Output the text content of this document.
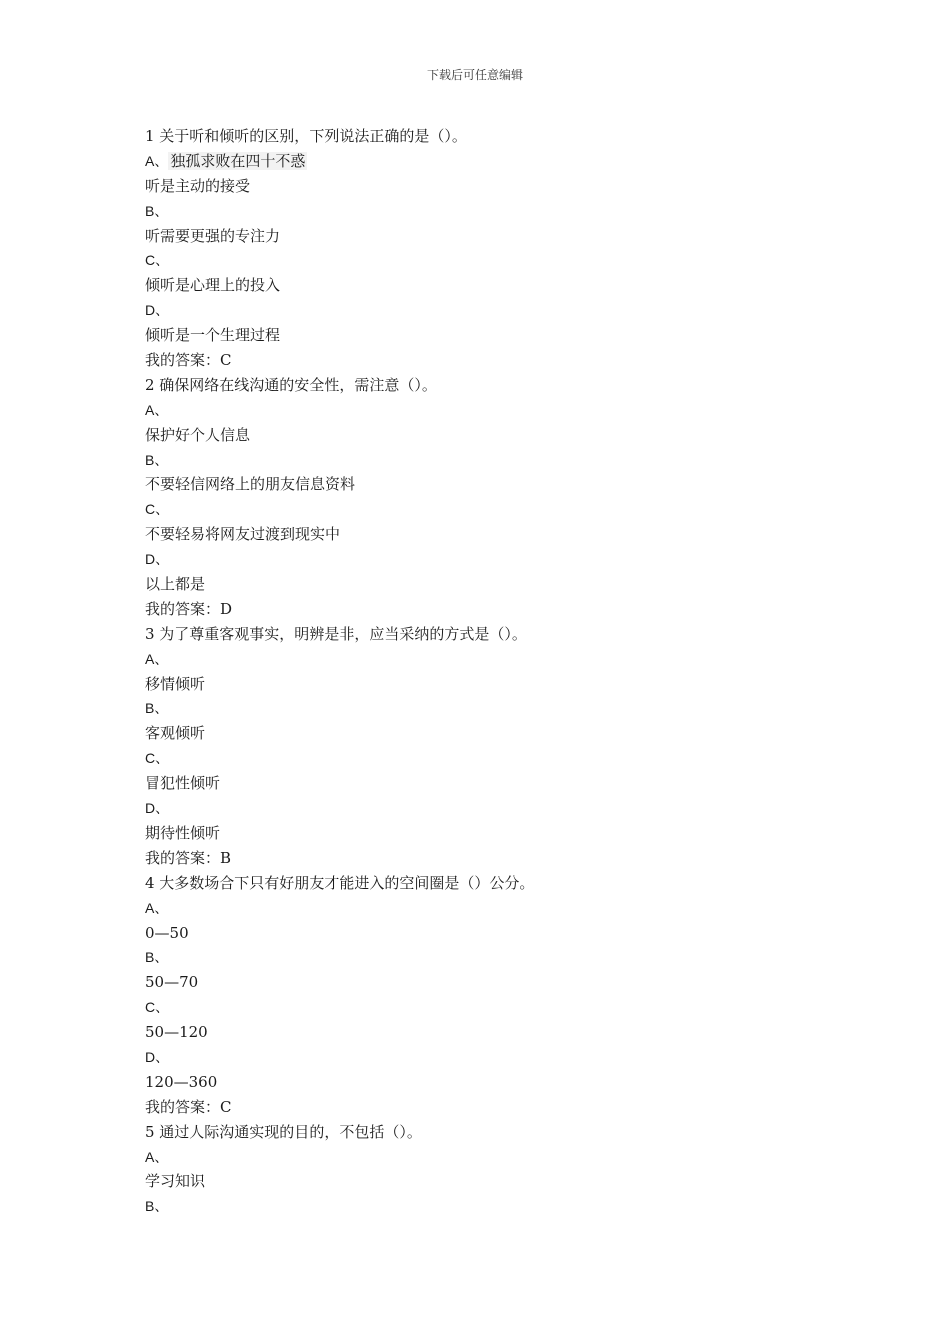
下载后可任意编辑
1 关于听和倾听的区别，下列说法正确的是（）。
A、 独孤求败在四十不惑
听是主动的接受
B、
听需要更强的专注力
C、
倾听是心理上的投入
D、
倾听是一个生理过程
我的答案：C
2 确保网络在线沟通的安全性，需注意（）。
A、
保护好个人信息
B、
不要轻信网络上的朋友信息资料
C、
不要轻易将网友过渡到现实中
D、
以上都是
我的答案：D
3 为了尊重客观事实，明辨是非，应当采纳的方式是（）。
A、
移情倾听
B、
客观倾听
C、
冒犯性倾听
D、
期待性倾听
我的答案：B
4 大多数场合下只有好朋友才能进入的空间圈是（）公分。
A、
0—50
B、
50—70
C、
50—120
D、
120—360
我的答案：C
5 通过人际沟通实现的目的，不包括（）。
A、
学习知识
B、
